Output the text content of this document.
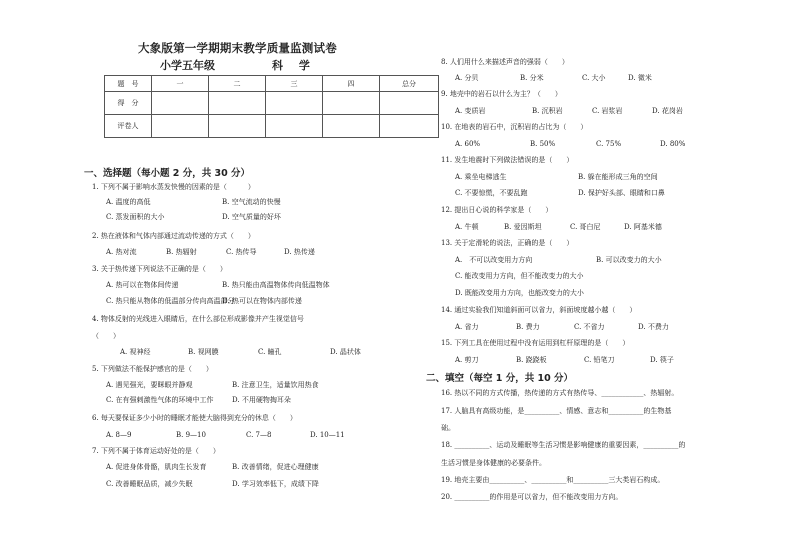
大象版第一学期期末教学质量监测试卷
小学五年级	科 学
题　号	一	二	三	四	总分
得　分					
评卷人					
一、选择题（每小题 2 分，共 30 分）
1. 下列不属于影响水蒸发快慢的因素的是（　　　）
A. 温度的高低	B. 空气流动的快慢
C. 蒸发面积的大小	D. 空气质量的好坏
2. 热在液体和气体内部通过流动传递的方式（　　）
A. 热对流	B. 热辐射	C. 热传导	D. 热传递
3. 关于热传递下列说法不正确的是（　　）
A. 热可以在物体间传递	B. 热只能由高温物体传向低温物体
C. 热只能从物体的低温部分传向高温部分
D. 热可以在物体内部传递
4. 物体反射的光线进入眼睛后，在什么部位形成影像并产生视觉信号
（　　）
A. 视神经	B. 视网膜	C. 瞳孔	D. 晶状体
5. 下列做法不能保护感官的是（　　）
A. 遇见强光，要眯眼并静观	B. 注意卫生，适量饮用热食
C. 在有强刺激性气体的环境中工作	D. 不用硬物掏耳朵
6. 每天要保证多少小时的睡眠才能使大脑得到充分的休息（　　）
A. 8—9	B. 9—10	C. 7—8	D. 10—11
7. 下列不属于体育运动好处的是（　　）
A. 促进身体骨骼，肌肉生长发育	B. 改善情绪，促进心理健康
C. 改善睡眠品质，减少失眠	D. 学习效率低下，成绩下降
8. 人们用什么来描述声音的强弱（　　）
A. 分贝	B. 分米	C. 大小	D. 微米
9. 地壳中的岩石以什么为主？（　　）
A. 变质岩	B. 沉积岩	C. 岩浆岩	D. 花岗岩
10. 在地表的岩石中，沉积岩的占比为（　　）
A. 60%	B. 50%	C. 75%	D. 80%
11. 发生地震时下列做法错误的是（　　）
A. 乘坐电梯逃生	B. 躲在能形成三角的空间
C. 不要惊慌，不要乱跑	D. 保护好头部、眼睛和口鼻
12. 提出日心说的科学家是（　　）
A. 牛顿	B. 爱因斯坦	C. 哥白尼	D. 阿基米德
13. 关于定滑轮的说法，正确的是（　　）
A.　不可以改变用力方向	B. 可以改变力的大小
C. 能改变用力方向，但不能改变力的大小
D. 既能改变用力方向，也能改变力的大小
14. 通过实验我们知道斜面可以省力，斜面坡度越小越（　　）
A. 省力	B. 费力	C. 不省力	D. 不费力
15. 下列工具在使用过程中没有运用到杠杆原理的是（　　）
A. 剪刀	B. 跷跷板	C. 铅笔刀	D. 筷子
二、填空（每空 1 分，共 10 分）
16. 热以不同的方式传播，热传递的方式有热传导、____________、热辐射。
17. 人脑具有高级功能，是__________、情感、意志和__________的生物基
础。
18. __________、运动及睡眠等生活习惯是影响健康的重要因素，__________的
生活习惯是身体健康的必要条件。
19. 地壳主要由__________、__________和__________三大类岩石构成。
20. __________的作用是可以省力，但不能改变用力方向。
